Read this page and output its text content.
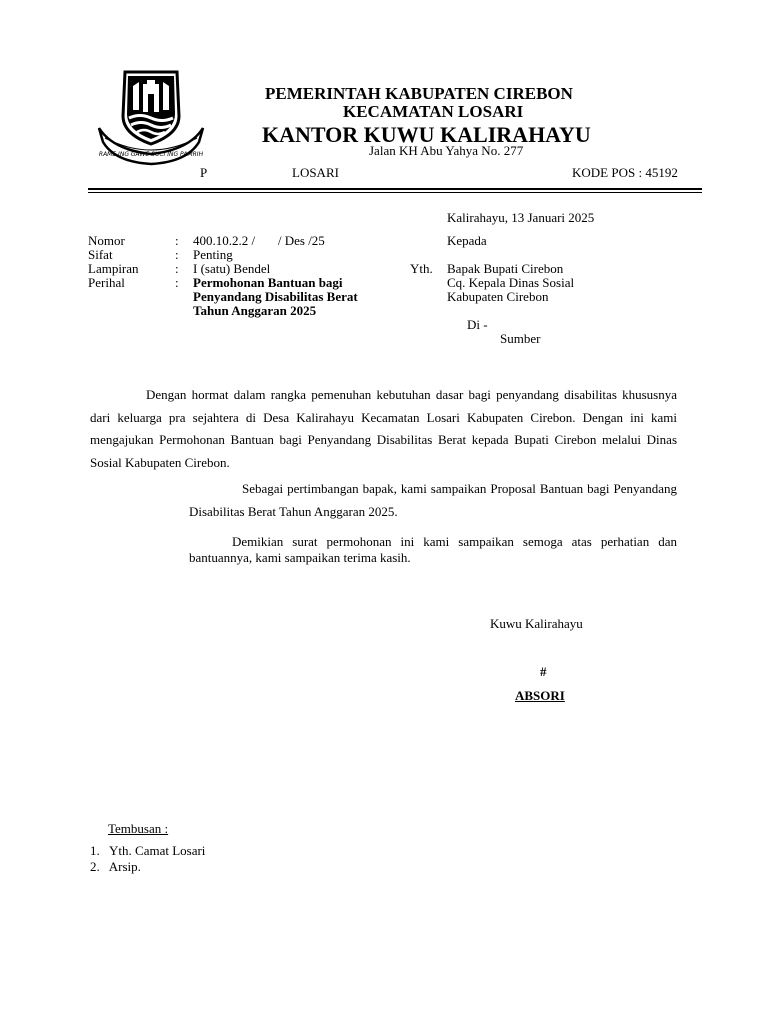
RAME ING GAWE SUCI ING PAMRIH
PEMERINTAH KABUPATEN CIREBON
KECAMATAN LOSARI
KANTOR KUWU KALIRAHAYU
Jalan KH Abu Yahya No. 277
P	LOSARI	KODE POS : 45192
Kalirahayu, 13 Januari 2025
Nomor	: 400.10.2.2 /       / Des /25
Sifat	: Penting
Lampiran	: I (satu) Bendel
Perihal	: Permohonan Bantuan bagi
Penyandang Disabilitas Berat
Tahun Anggaran 2025
Kepada
Yth. Bapak Bupati Cirebon
Cq. Kepala Dinas Sosial
Kabupaten Cirebon
Di -
Sumber
Dengan hormat dalam rangka pemenuhan kebutuhan dasar bagi penyandang disabilitas khususnya dari keluarga pra sejahtera di Desa Kalirahayu Kecamatan Losari Kabupaten Cirebon. Dengan ini kami mengajukan Permohonan Bantuan bagi Penyandang Disabilitas Berat kepada Bupati Cirebon melalui Dinas Sosial Kabupaten Cirebon.
Sebagai pertimbangan bapak, kami sampaikan Proposal Bantuan bagi Penyandang Disabilitas Berat Tahun Anggaran 2025.
Demikian surat permohonan ini kami sampaikan semoga atas perhatian dan bantuannya, kami sampaikan terima kasih.
Kuwu Kalirahayu
#
ABSORI
Tembusan :
1.   Yth. Camat Losari
2.   Arsip.
